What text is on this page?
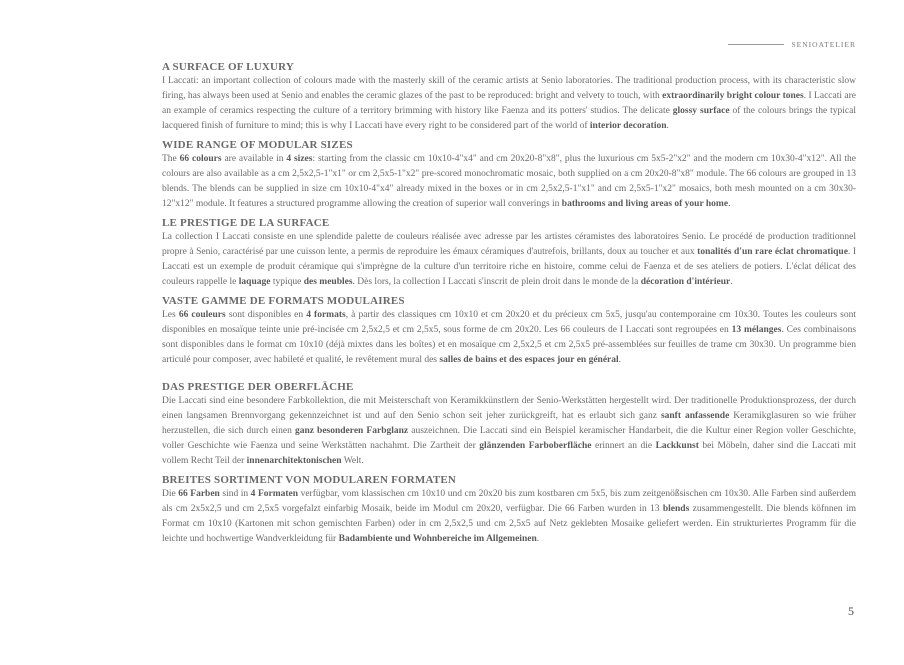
SENIOATELIER
A SURFACE OF LUXURY

I Laccati: an important collection of colours made with the masterly skill of the ceramic artists at Senio laboratories. The traditional production process, with its characteristic slow firing, has always been used at Senio and enables the ceramic glazes of the past to be reproduced: bright and velvety to touch, with extraordinarily bright colour tones. I Laccati are an example of ceramics respecting the culture of a territory brimming with history like Faenza and its potters' studios. The delicate glossy surface of the colours brings the typical lacquered finish of furniture to mind; this is why I Laccati have every right to be considered part of the world of interior decoration.

WIDE RANGE OF MODULAR SIZES

The 66 colours are available in 4 sizes: starting from the classic cm 10x10-4"x4" and cm 20x20-8"x8", plus the luxurious cm 5x5-2"x2" and the modern cm 10x30-4"x12". All the colours are also available as a cm 2,5x2,5-1"x1" or cm 2,5x5-1"x2" pre-scored monochromatic mosaic, both supplied on a cm 20x20-8"x8" module. The 66 colours are grouped in 13 blends. The blends can be supplied in size cm 10x10-4"x4" already mixed in the boxes or in cm 2,5x2,5-1"x1" and cm 2,5x5-1"x2" mosaics, both mesh mounted on a cm 30x30-12"x12" module. It features a structured programme allowing the creation of superior wall converings in bathrooms and living areas of your home.

LE PRESTIGE DE LA SURFACE

La collection I Laccati consiste en une splendide palette de couleurs réalisée avec adresse par les artistes céramistes des laboratoires Senio. Le procédé de production traditionnel propre à Senio, caractérisé par une cuisson lente, a permis de reproduire les émaux céramiques d'autrefois, brillants, doux au toucher et aux tonalités d'un rare éclat chromatique. I Laccati est un exemple de produit céramique qui s'imprègne de la culture d'un territoire riche en histoire, comme celui de Faenza et de ses ateliers de potiers. L'éclat délicat des couleurs rappelle le laquage typique des meubles. Dès lors, la collection I Laccati s'inscrit de plein droit dans le monde de la décoration d'intérieur.

VASTE GAMME DE FORMATS MODULAIRES

Les 66 couleurs sont disponibles en 4 formats, à partir des classiques cm 10x10 et cm 20x20 et du précieux cm 5x5, jusqu'au contemporaine cm 10x30. Toutes les couleurs sont disponibles en mosaïque teinte unie pré-incisée cm 2,5x2,5 et cm 2,5x5, sous forme de cm 20x20. Les 66 couleurs de I Laccati sont regroupées en 13 mélanges. Ces combinaisons sont disponibles dans le format cm 10x10 (déjà mixtes dans les boîtes) et en mosaïque cm 2,5x2,5 et cm 2,5x5 pré-assemblées sur feuilles de trame cm 30x30. Un programme bien articulé pour composer, avec habileté et qualité, le revêtement mural des salles de bains et des espaces jour en général.

DAS PRESTIGE DER OBERFLÄCHE

Die Laccati sind eine besondere Farbkollektion, die mit Meisterschaft von Keramikkünstlern der Senio-Werkstätten hergestellt wird. Der traditionelle Produktionsprozess, der durch einen langsamen Brennvorgang gekennzeichnet ist und auf den Senio schon seit jeher zurückgreift, hat es erlaubt sich ganz sanft anfassende Keramikglasuren so wie früher herzustellen, die sich durch einen ganz besonderen Farbglanz auszeichnen. Die Laccati sind ein Beispiel keramischer Handarbeit, die die Kultur einer Region voller Geschichte, voller Geschichte wie Faenza und seine Werkstätten nachahmt. Die Zartheit der glänzenden Farboberfläche erinnert an die Lackkunst bei Möbeln, daher sind die Laccati mit vollem Recht Teil der innenarchitektonischen Welt.

BREITES SORTIMENT VON MODULAREN FORMATEN

Die 66 Farben sind in 4 Formaten verfügbar, vom klassischen cm 10x10 und cm 20x20 bis zum kostbaren cm 5x5, bis zum zeitgenößsischen cm 10x30. Alle Farben sind außerdem als cm 2x5x2,5 und cm 2,5x5 vorgefalzt einfarbig Mosaik, beide im Modul cm 20x20, verfügbar. Die 66 Farben wurden in 13 blends zusammengestellt. Die blends köfnnen im Format cm 10x10 (Kartonen mit schon gemischten Farben) oder in cm 2,5x2,5 und cm 2,5x5 auf Netz geklebten Mosaike geliefert werden. Ein strukturiertes Programm für die leichte und hochwertige Wandverkleidung für Badambiente und Wohnbereiche im Allgemeinen.

5
